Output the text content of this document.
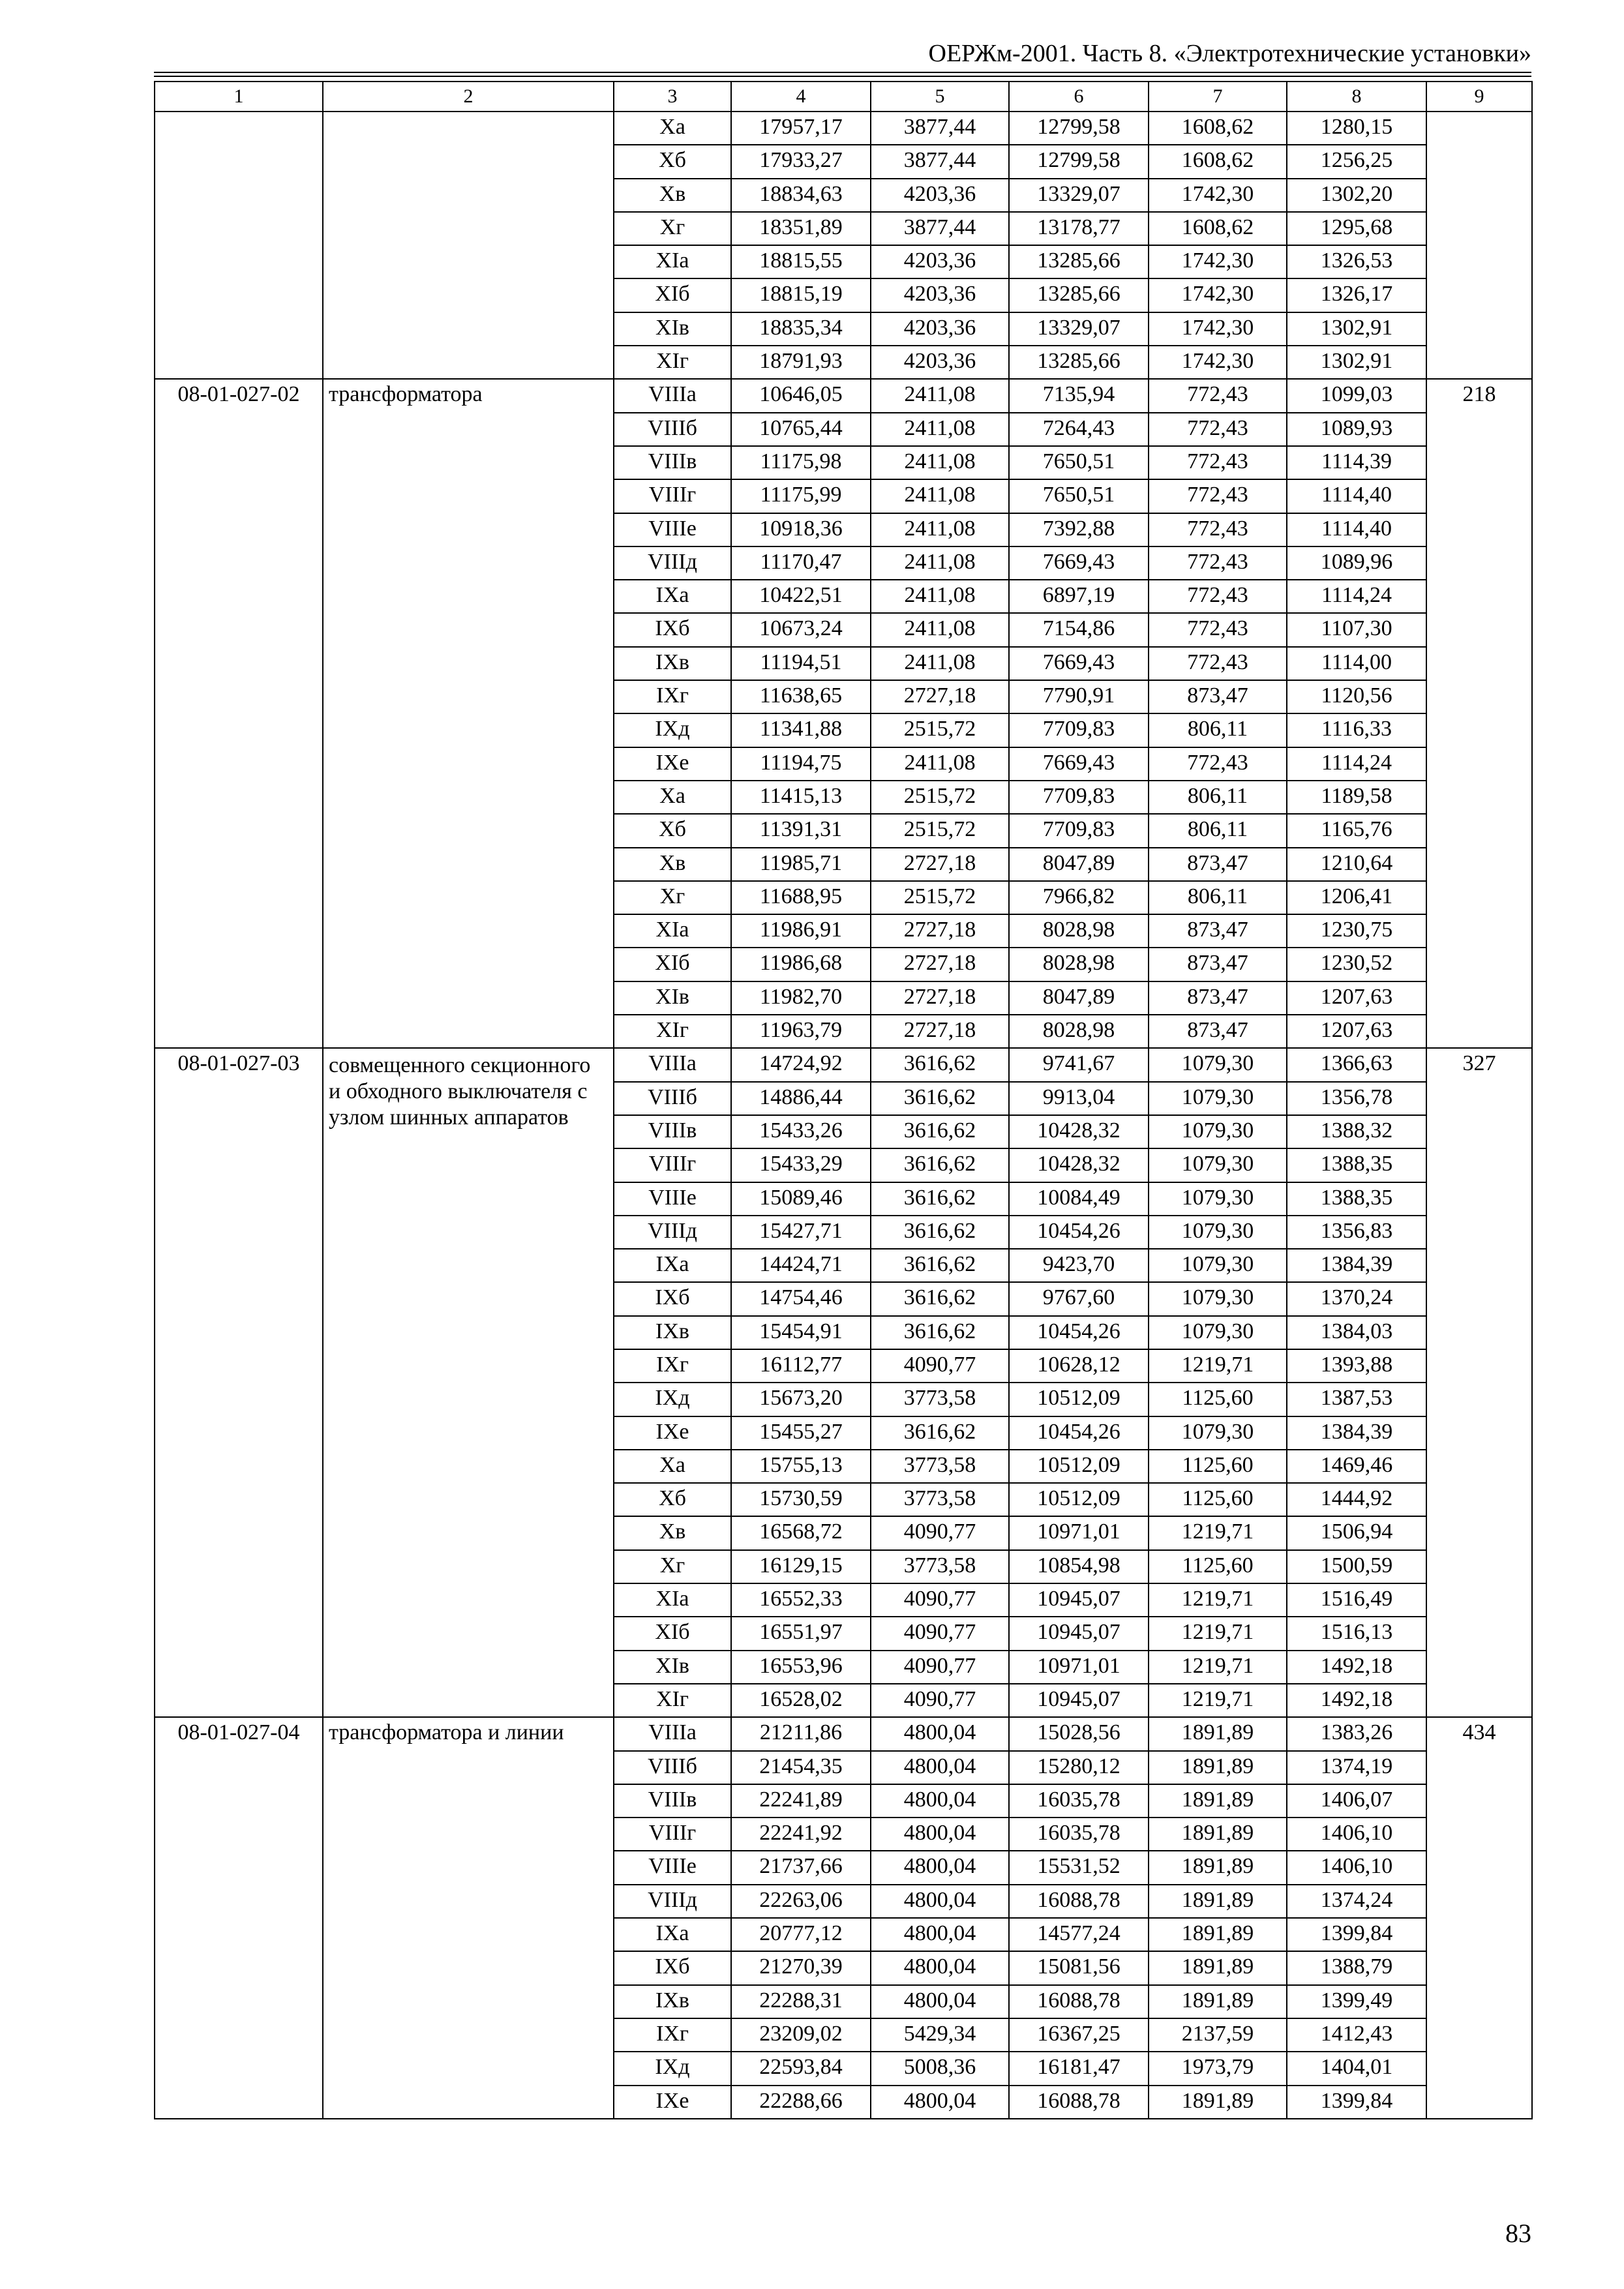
ОЕРЖм-2001. Часть 8. «Электротехнические установки»
1	2	3	4	5	6	7	8	9
		Xа	17957,17	3877,44	12799,58	1608,62	1280,15	
		Xб	17933,27	3877,44	12799,58	1608,62	1256,25	
		Xв	18834,63	4203,36	13329,07	1742,30	1302,20	
		Xг	18351,89	3877,44	13178,77	1608,62	1295,68	
		XIа	18815,55	4203,36	13285,66	1742,30	1326,53	
		XIб	18815,19	4203,36	13285,66	1742,30	1326,17	
		XIв	18835,34	4203,36	13329,07	1742,30	1302,91	
		XIг	18791,93	4203,36	13285,66	1742,30	1302,91	
08-01-027-02	трансформатора	VIIIа	10646,05	2411,08	7135,94	772,43	1099,03	218
		VIIIб	10765,44	2411,08	7264,43	772,43	1089,93	
		VIIIв	11175,98	2411,08	7650,51	772,43	1114,39	
		VIIIг	11175,99	2411,08	7650,51	772,43	1114,40	
		VIIIе	10918,36	2411,08	7392,88	772,43	1114,40	
		VIIIд	11170,47	2411,08	7669,43	772,43	1089,96	
		IXа	10422,51	2411,08	6897,19	772,43	1114,24	
		IXб	10673,24	2411,08	7154,86	772,43	1107,30	
		IXв	11194,51	2411,08	7669,43	772,43	1114,00	
		IXг	11638,65	2727,18	7790,91	873,47	1120,56	
		IXд	11341,88	2515,72	7709,83	806,11	1116,33	
		IXе	11194,75	2411,08	7669,43	772,43	1114,24	
		Xа	11415,13	2515,72	7709,83	806,11	1189,58	
		Xб	11391,31	2515,72	7709,83	806,11	1165,76	
		Xв	11985,71	2727,18	8047,89	873,47	1210,64	
		Xг	11688,95	2515,72	7966,82	806,11	1206,41	
		XIа	11986,91	2727,18	8028,98	873,47	1230,75	
		XIб	11986,68	2727,18	8028,98	873,47	1230,52	
		XIв	11982,70	2727,18	8047,89	873,47	1207,63	
		XIг	11963,79	2727,18	8028,98	873,47	1207,63	
08-01-027-03	совмещенного секционного и обходного выключателя с узлом шинных аппаратов	VIIIа	14724,92	3616,62	9741,67	1079,30	1366,63	327
		VIIIб	14886,44	3616,62	9913,04	1079,30	1356,78	
		VIIIв	15433,26	3616,62	10428,32	1079,30	1388,32	
		VIIIг	15433,29	3616,62	10428,32	1079,30	1388,35	
		VIIIе	15089,46	3616,62	10084,49	1079,30	1388,35	
		VIIIд	15427,71	3616,62	10454,26	1079,30	1356,83	
		IXа	14424,71	3616,62	9423,70	1079,30	1384,39	
		IXб	14754,46	3616,62	9767,60	1079,30	1370,24	
		IXв	15454,91	3616,62	10454,26	1079,30	1384,03	
		IXг	16112,77	4090,77	10628,12	1219,71	1393,88	
		IXд	15673,20	3773,58	10512,09	1125,60	1387,53	
		IXе	15455,27	3616,62	10454,26	1079,30	1384,39	
		Xа	15755,13	3773,58	10512,09	1125,60	1469,46	
		Xб	15730,59	3773,58	10512,09	1125,60	1444,92	
		Xв	16568,72	4090,77	10971,01	1219,71	1506,94	
		Xг	16129,15	3773,58	10854,98	1125,60	1500,59	
		XIа	16552,33	4090,77	10945,07	1219,71	1516,49	
		XIб	16551,97	4090,77	10945,07	1219,71	1516,13	
		XIв	16553,96	4090,77	10971,01	1219,71	1492,18	
		XIг	16528,02	4090,77	10945,07	1219,71	1492,18	
08-01-027-04	трансформатора и линии	VIIIа	21211,86	4800,04	15028,56	1891,89	1383,26	434
		VIIIб	21454,35	4800,04	15280,12	1891,89	1374,19	
		VIIIв	22241,89	4800,04	16035,78	1891,89	1406,07	
		VIIIг	22241,92	4800,04	16035,78	1891,89	1406,10	
		VIIIе	21737,66	4800,04	15531,52	1891,89	1406,10	
		VIIIд	22263,06	4800,04	16088,78	1891,89	1374,24	
		IXа	20777,12	4800,04	14577,24	1891,89	1399,84	
		IXб	21270,39	4800,04	15081,56	1891,89	1388,79	
		IXв	22288,31	4800,04	16088,78	1891,89	1399,49	
		IXг	23209,02	5429,34	16367,25	2137,59	1412,43	
		IXд	22593,84	5008,36	16181,47	1973,79	1404,01	
		IXе	22288,66	4800,04	16088,78	1891,89	1399,84	
83
